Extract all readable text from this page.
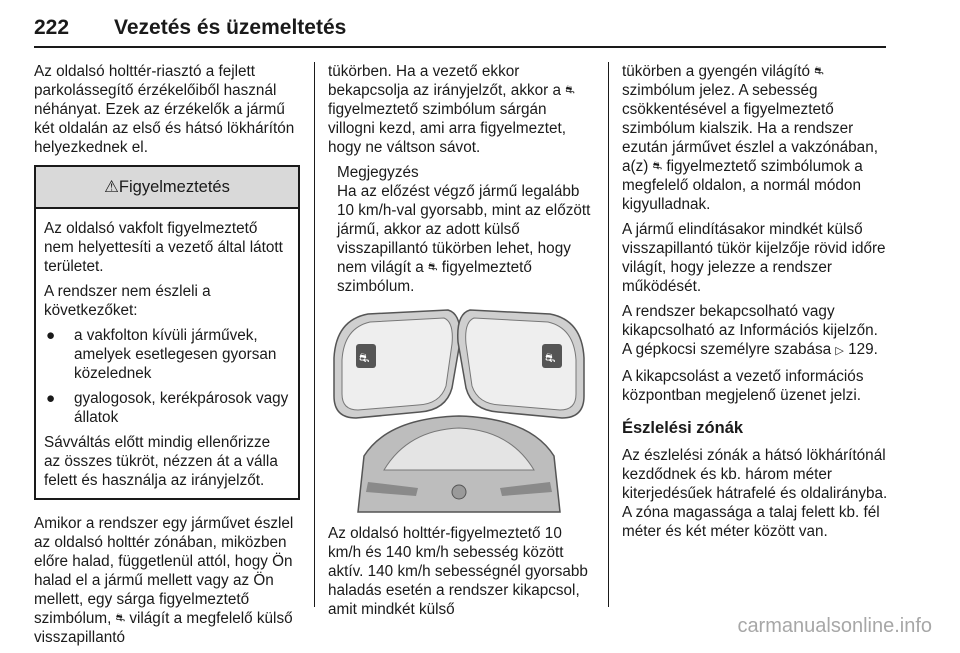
222 Vezetés és üzemeltetés

Az oldalsó holttér-riasztó a fejlett parkolássegítő érzékelőiből használ néhányat. Ezek az érzékelők a jármű két oldalán az első és hátsó lökhárítón helyezkednek el.

⚠Figyelmeztetés

Az oldalsó vakfolt figyelmeztető nem helyettesíti a vezető által látott területet.

A rendszer nem észleli a következőket:

● a vakfolton kívüli járművek, amelyek esetlegesen gyorsan közelednek
● gyalogosok, kerékpárosok vagy állatok

Sávváltás előtt mindig ellenőrizze az összes tükröt, nézzen át a válla felett és használja az irányjelzőt.

Amikor a rendszer egy járművet észlel az oldalsó holttér zónában, miközben előre halad, függetlenül attól, hogy Ön halad el a jármű mellett vagy az Ön mellett, egy sárga figyelmeztető szimbólum, ⛐ világít a megfelelő külső visszapillantó

tükörben. Ha a vezető ekkor bekapcsolja az irányjelzőt, akkor a ⛐ figyelmeztető szimbólum sárgán villogni kezd, ami arra figyelmeztet, hogy ne váltson sávot.

Megjegyzés
Ha az előzést végző jármű legalább 10 km/h-val gyorsabb, mint az előzött jármű, akkor az adott külső visszapillantó tükörben lehet, hogy nem világít a ⛐ figyelmeztető szimbólum.
⛐	⛐

Az oldalsó holttér-figyelmeztető 10 km/h és 140 km/h sebesség között aktív. 140 km/h sebességnél gyorsabb haladás esetén a rendszer kikapcsol, amit mindkét külső

tükörben a gyengén világító ⛐ szimbólum jelez. A sebesség csökkentésével a figyelmeztető szimbólum kialszik. Ha a rendszer ezután járművet észlel a vakzónában, a(z) ⛐ figyelmeztető szimbólumok a megfelelő oldalon, a normál módon kigyulladnak.

A jármű elindításakor mindkét külső visszapillantó tükör kijelzője rövid időre világít, hogy jelezze a rendszer működését.

A rendszer bekapcsolható vagy kikapcsolható az Információs kijelzőn. A gépkocsi személyre szabása ▷ 129.

A kikapcsolást a vezető információs központban megjelenő üzenet jelzi.

Észlelési zónák

Az észlelési zónák a hátsó lökhárítónál kezdődnek és kb. három méter kiterjedésűek hátrafelé és oldalirányba. A zóna magassága a talaj felett kb. fél méter és két méter között van.

carmanualsonline.info
